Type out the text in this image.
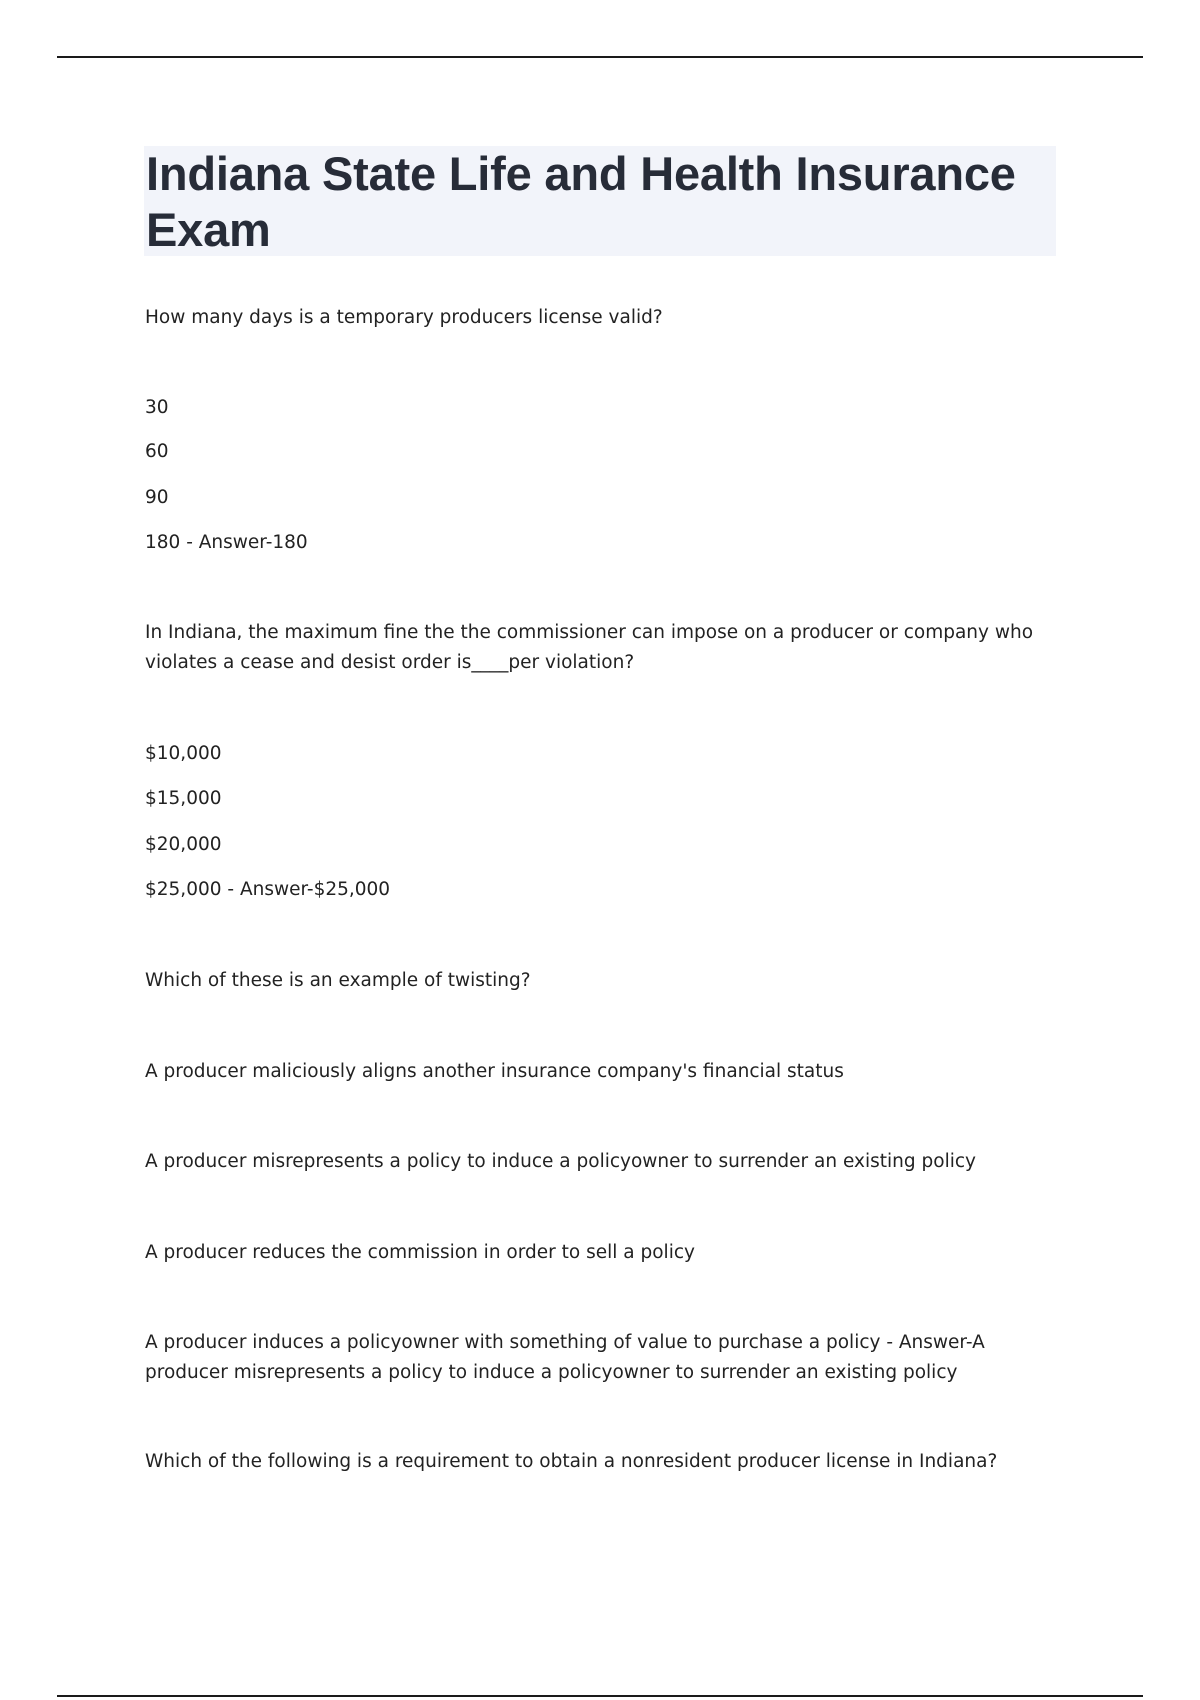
Indiana State Life and Health Insurance Exam
How many days is a temporary producers license valid?
30
60
90
180 - Answer-180
In Indiana, the maximum fine the the commissioner can impose on a producer or company who violates a cease and desist order is____per violation?
$10,000
$15,000
$20,000
$25,000 - Answer-$25,000
Which of these is an example of twisting?
A producer maliciously aligns another insurance company's financial status
A producer misrepresents a policy to induce a policyowner to surrender an existing policy
A producer reduces the commission in order to sell a policy
A producer induces a policyowner with something of value to purchase a policy - Answer-A producer misrepresents a policy to induce a policyowner to surrender an existing policy
Which of the following is a requirement to obtain a nonresident producer license in Indiana?
